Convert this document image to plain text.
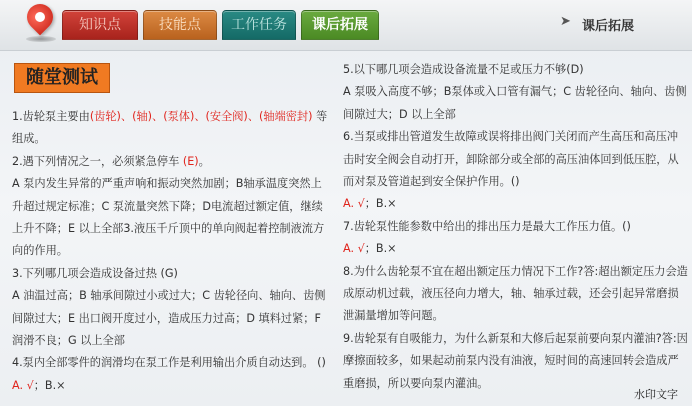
知识点	技能点	工作任务	课后拓展	➤ 课后拓展
随堂测试

1.齿轮泵主要由(齿轮)、(轴)、(泵体)、(安全阀)、(轴端密封) 等组成。

2.遇下列情况之一，必须紧急停车 (E)。

A 泵内发生异常的严重声响和振动突然加剧；B轴承温度突然上升超过规定标准；C 泵流量突然下降；D电流超过额定值，继续上升不降；E 以上全部3.液压千斤顶中的单向阀起着控制液流方向的作用。

3.下列哪几项会造成设备过热 (G)

A 油温过高；B 轴承间隙过小或过大；C 齿轮径向、轴向、齿侧间隙过大；E 出口阀开度过小，造成压力过高；D 填料过紧；F 润滑不良；G 以上全部

4.泵内全部零件的润滑均在泵工作是利用输出介质自动达到。 () A. √；B.×

5.以下哪几项会造成设备流量不足或压力不够(D)

A 泵吸入高度不够；B泵体或入口管有漏气；C 齿轮径向、轴向、齿侧间隙过大；D 以上全部

6.当泵或排出管道发生故障或误将排出阀门关闭而产生高压和高压冲击时安全阀会自动打开，卸除部分或全部的高压油体回到低压腔，从而对泵及管道起到安全保护作用。()

A. √；B.×

7.齿轮泵性能参数中给出的排出压力是最大工作压力值。()

A. √；B.×

8.为什么齿轮泵不宜在超出额定压力情况下工作?答:超出额定压力会造成原动机过载，液压径向力增大，轴、轴承过载，还会引起异常磨损泄漏量增加等问题。

9.齿轮泵有自吸能力，为什么新泵和大修后起泵前要向泵内灌油?答:因摩擦面较多，如果起动前泵内没有油液，短时间的高速回转会造成严重磨损，所以要向泵内灌油。

水印文字
